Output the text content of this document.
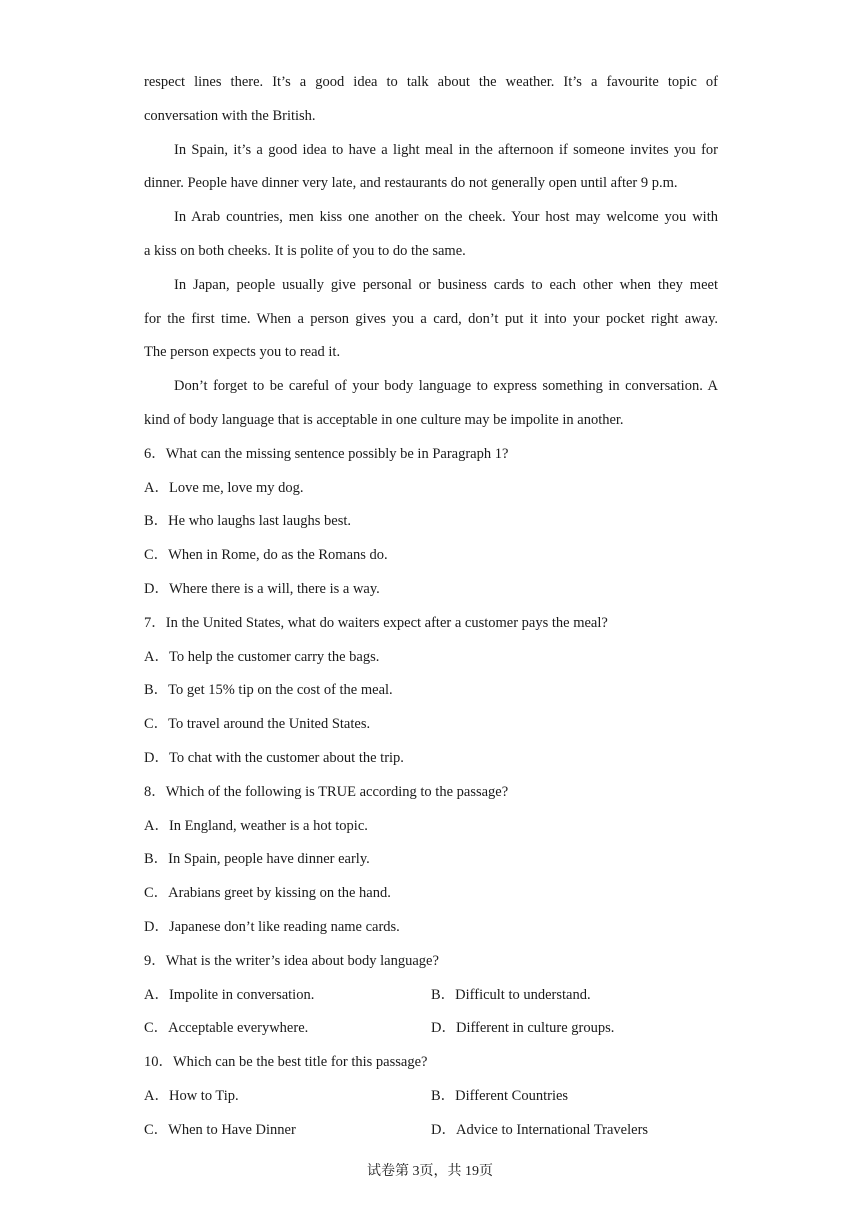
respect lines there. It’s a good idea to talk about the weather. It’s a favourite topic of
conversation with the British.
In Spain, it’s a good idea to have a light meal in the afternoon if someone invites you for
dinner. People have dinner very late, and restaurants do not generally open until after 9 p.m.
In Arab countries, men kiss one another on the cheek. Your host may welcome you with
a kiss on both cheeks. It is polite of you to do the same.
In Japan, people usually give personal or business cards to each other when they meet
for the first time. When a person gives you a card, don’t put it into your pocket right away.
The person expects you to read it.
Don’t forget to be careful of your body language to express something in conversation. A
kind of body language that is acceptable in one culture may be impolite in another.
6．What can the missing sentence possibly be in Paragraph 1?
A．Love me, love my dog.
B．He who laughs last laughs best.
C．When in Rome, do as the Romans do.
D．Where there is a will, there is a way.
7．In the United States, what do waiters expect after a customer pays the meal?
A．To help the customer carry the bags.
B．To get 15% tip on the cost of the meal.
C．To travel around the United States.
D．To chat with the customer about the trip.
8．Which of the following is TRUE according to the passage?
A．In England, weather is a hot topic.
B．In Spain, people have dinner early.
C．Arabians greet by kissing on the hand.
D．Japanese don’t like reading name cards.
9．What is the writer’s idea about body language?
A．Impolite in conversation.	B．Difficult to understand.
C．Acceptable everywhere.	D．Different in culture groups.
10．Which can be the best title for this passage?
A．How to Tip.	B．Different Countries
C．When to Have Dinner	D．Advice to International Travelers
试卷第 3页，共 19页
